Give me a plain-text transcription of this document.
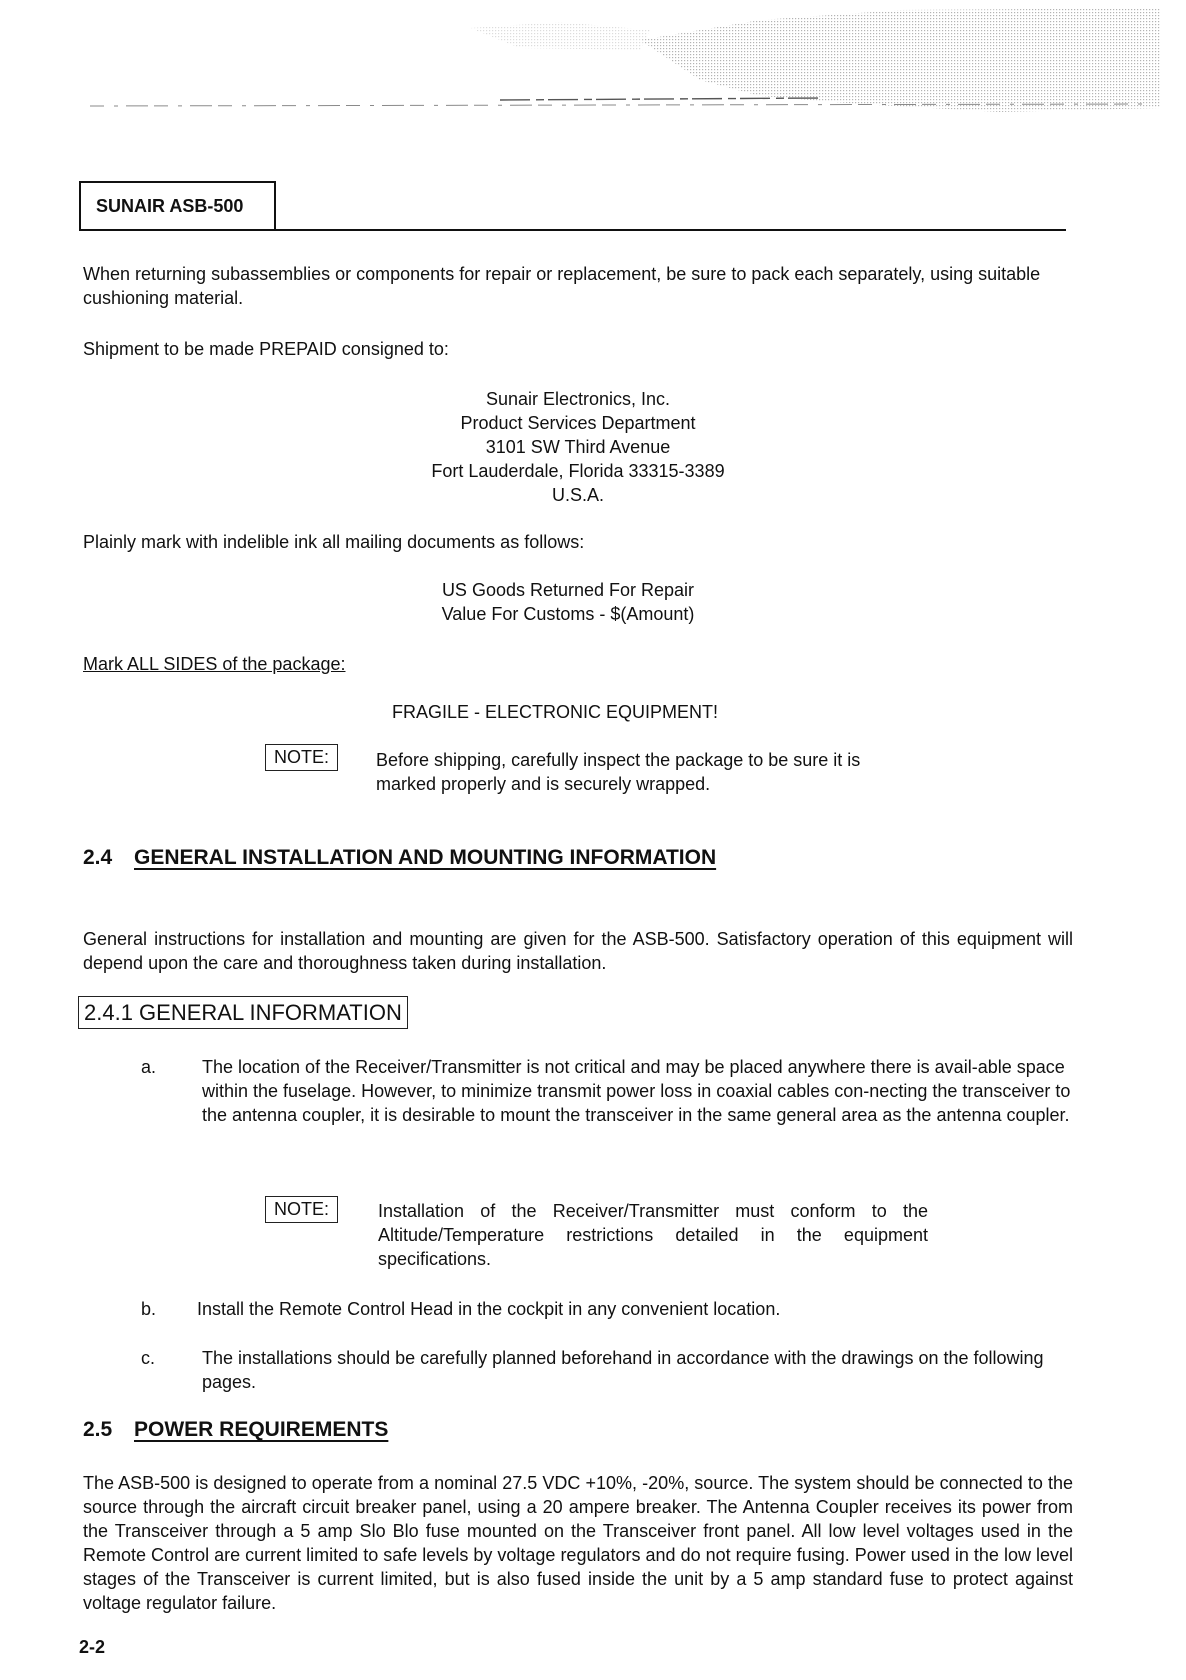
SUNAIR ASB-500
When returning subassemblies or components for repair or replacement, be sure to pack each separately, using suitable cushioning material.
Shipment to be made PREPAID consigned to:
Sunair Electronics, Inc.
Product Services Department
3101 SW Third Avenue
Fort Lauderdale, Florida 33315-3389
U.S.A.
Plainly mark with indelible ink all mailing documents as follows:
US Goods Returned For Repair
Value For Customs - $(Amount)
Mark ALL SIDES of the package:
FRAGILE - ELECTRONIC EQUIPMENT!
NOTE:	Before shipping, carefully inspect the package to be sure it is
marked properly and is securely wrapped.
2.4 GENERAL INSTALLATION AND MOUNTING INFORMATION
General instructions for installation and mounting are given for the ASB-500. Satisfactory operation of this equipment will depend upon the care and thoroughness taken during installation.
2.4.1 GENERAL INFORMATION
a.	The location of the Receiver/Transmitter is not critical and may be placed anywhere there is avail-able space within the fuselage. However, to minimize transmit power loss in coaxial cables con-necting the transceiver to the antenna coupler, it is desirable to mount the transceiver in the same general area as the antenna coupler.
NOTE:	Installation of the Receiver/Transmitter must conform to the Altitude/Temperature restrictions detailed in the equipment specifications.
b. Install the Remote Control Head in the cockpit in any convenient location.
c.	The installations should be carefully planned beforehand in accordance with the drawings on the following pages.
2.5 POWER REQUIREMENTS
The ASB-500 is designed to operate from a nominal 27.5 VDC +10%, -20%, source. The system should be connected to the source through the aircraft circuit breaker panel, using a 20 ampere breaker. The Antenna Coupler receives its power from the Transceiver through a 5 amp Slo Blo fuse mounted on the Transceiver front panel. All low level voltages used in the Remote Control are current limited to safe levels by voltage regulators and do not require fusing. Power used in the low level stages of the Transceiver is current limited, but is also fused inside the unit by a 5 amp standard fuse to protect against voltage regulator failure.
2-2
